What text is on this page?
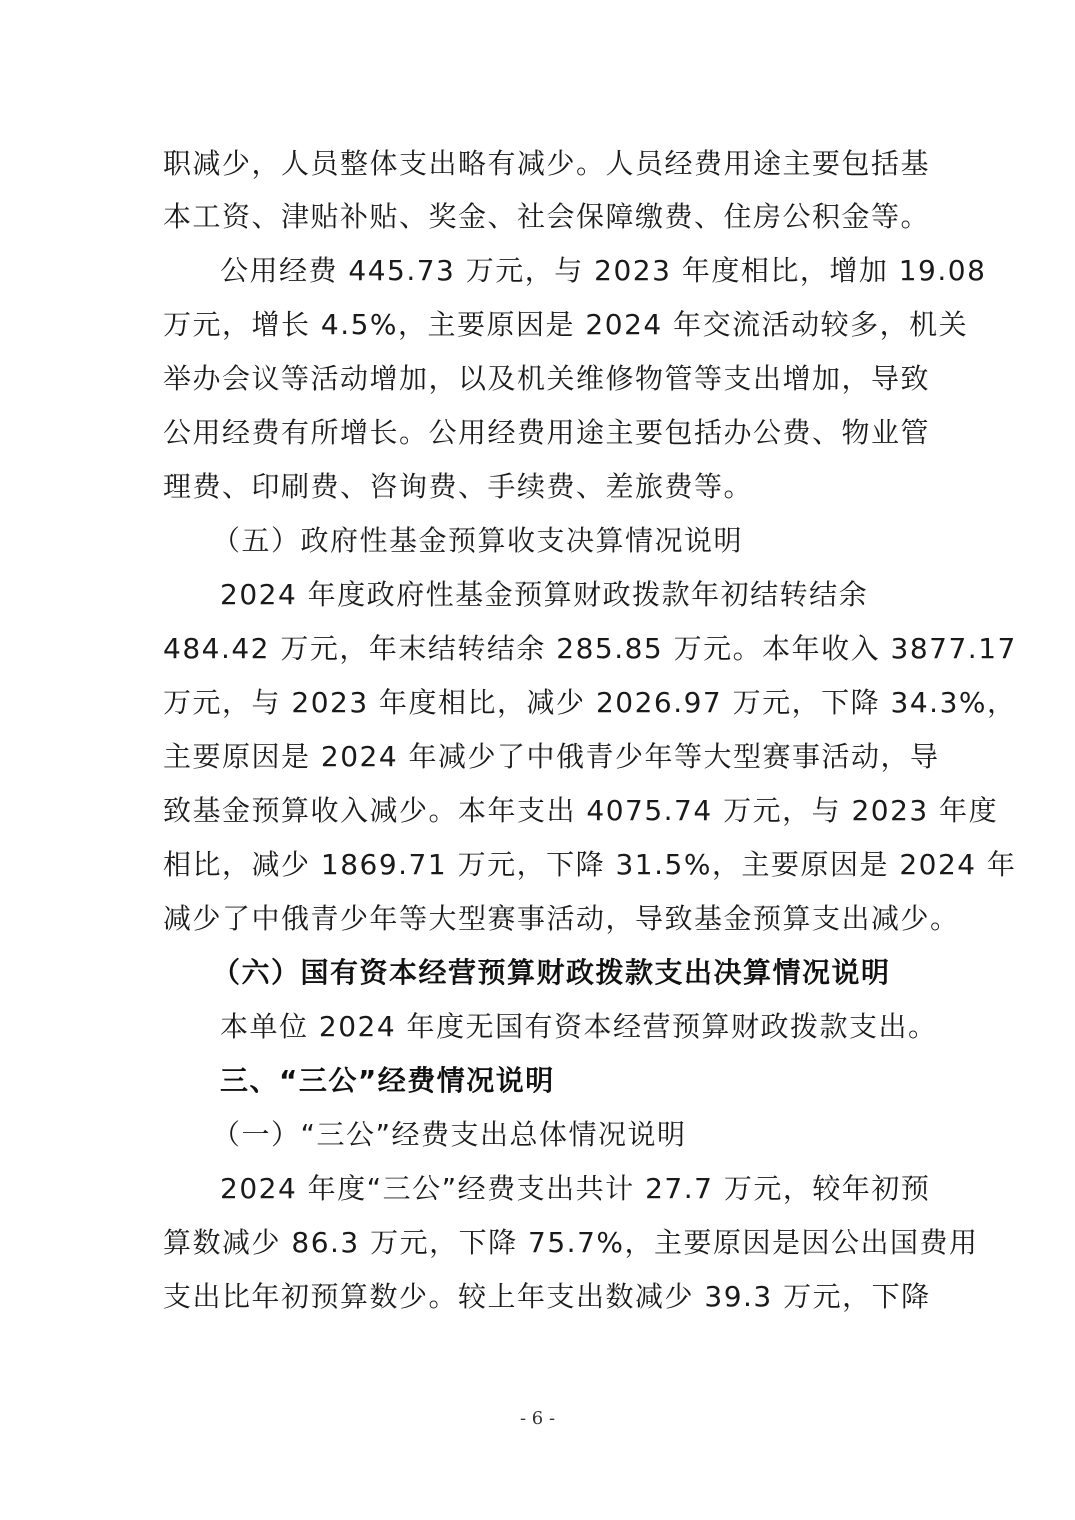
职减少，人员整体支出略有减少。人员经费用途主要包括基
本工资、津贴补贴、奖金、社会保障缴费、住房公积金等。
公用经费 445.73 万元，与 2023 年度相比，增加 19.08
万元，增长 4.5%，主要原因是 2024 年交流活动较多，机关
举办会议等活动增加，以及机关维修物管等支出增加，导致
公用经费有所增长。公用经费用途主要包括办公费、物业管
理费、印刷费、咨询费、手续费、差旅费等。
（五）政府性基金预算收支决算情况说明
2024 年度政府性基金预算财政拨款年初结转结余
484.42 万元，年末结转结余 285.85 万元。本年收入 3877.17
万元，与 2023 年度相比，减少 2026.97 万元，下降 34.3%，
主要原因是 2024 年减少了中俄青少年等大型赛事活动，导
致基金预算收入减少。本年支出 4075.74 万元，与 2023 年度
相比，减少 1869.71 万元，下降 31.5%，主要原因是 2024 年
减少了中俄青少年等大型赛事活动，导致基金预算支出减少。
（六）国有资本经营预算财政拨款支出决算情况说明
本单位 2024 年度无国有资本经营预算财政拨款支出。
三、“三公”经费情况说明
（一）“三公”经费支出总体情况说明
2024 年度“三公”经费支出共计 27.7 万元，较年初预
算数减少 86.3 万元，下降 75.7%，主要原因是因公出国费用
支出比年初预算数少。较上年支出数减少 39.3 万元，下降
- 6 -
